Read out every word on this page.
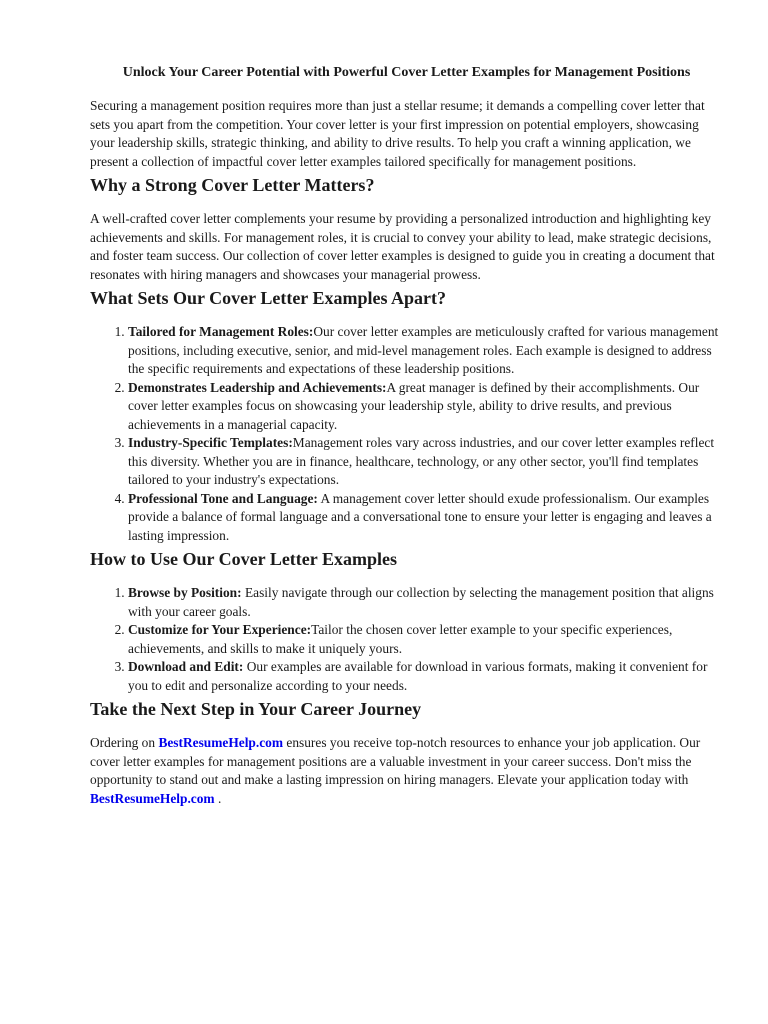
Unlock Your Career Potential with Powerful Cover Letter Examples for Management Positions

Securing a management position requires more than just a stellar resume; it demands a compelling cover letter that sets you apart from the competition. Your cover letter is your first impression on potential employers, showcasing your leadership skills, strategic thinking, and ability to drive results. To help you craft a winning application, we present a collection of impactful cover letter examples tailored specifically for management positions.

Why a Strong Cover Letter Matters?

A well-crafted cover letter complements your resume by providing a personalized introduction and highlighting key achievements and skills. For management roles, it is crucial to convey your ability to lead, make strategic decisions, and foster team success. Our collection of cover letter examples is designed to guide you in creating a document that resonates with hiring managers and showcases your managerial prowess.

What Sets Our Cover Letter Examples Apart?
1. Tailored for Management Roles:Our cover letter examples are meticulously crafted for various management positions, including executive, senior, and mid-level management roles. Each example is designed to address the specific requirements and expectations of these leadership positions.
2. Demonstrates Leadership and Achievements:A great manager is defined by their accomplishments. Our cover letter examples focus on showcasing your leadership style, ability to drive results, and previous achievements in a managerial capacity.
3. Industry-Specific Templates:Management roles vary across industries, and our cover letter examples reflect this diversity. Whether you are in finance, healthcare, technology, or any other sector, you'll find templates tailored to your industry's expectations.
4. Professional Tone and Language: A management cover letter should exude professionalism. Our examples provide a balance of formal language and a conversational tone to ensure your letter is engaging and leaves a lasting impression.
How to Use Our Cover Letter Examples
1. Browse by Position: Easily navigate through our collection by selecting the management position that aligns with your career goals.
2. Customize for Your Experience:Tailor the chosen cover letter example to your specific experiences, achievements, and skills to make it uniquely yours.
3. Download and Edit: Our examples are available for download in various formats, making it convenient for you to edit and personalize according to your needs.
Take the Next Step in Your Career Journey

Ordering on BestResumeHelp.com ensures you receive top-notch resources to enhance your job application. Our cover letter examples for management positions are a valuable investment in your career success. Don't miss the opportunity to stand out and make a lasting impression on hiring managers. Elevate your application today with BestResumeHelp.com .
